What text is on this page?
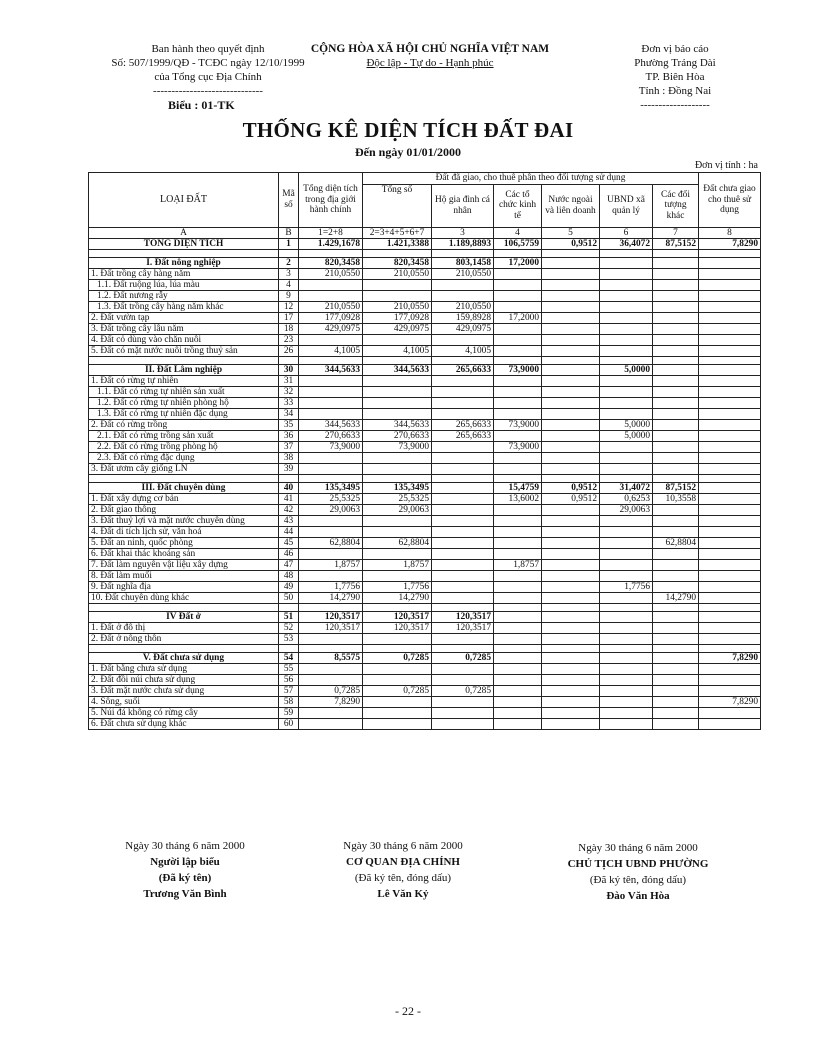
Ban hành theo quyết định
Số: 507/1999/QĐ - TCĐC ngày 12/10/1999
của Tổng cục Địa Chính
------------------------------
CỘNG HÒA XÃ HỘI CHỦ NGHĨA VIỆT NAM
Độc lập - Tự do - Hạnh phúc
Đơn vị báo cáo
Phường Trảng Dài
TP. Biên Hòa
Tỉnh : Đồng Nai
-------------------
Biểu : 01-TK
THỐNG KÊ DIỆN TÍCH ĐẤT ĐAI
Đến ngày 01/01/2000
Đơn vị tính : ha
LOẠI ĐẤT	Mã số	Tổng diện tích trong địa giới hành chính	Đất đã giao, cho thuê phân theo đối tượng sử dụng						Đất chưa giao cho thuê sử dụng
			Tổng số	Hộ gia đình cá nhân	Các tổ chức kinh tế	Nước ngoài và liên doanh	UBND xã quản lý	Các đối tượng khác	
A	B	1=2+8	2=3+4+5+6+7	3	4	5	6	7	8
TỔNG DIỆN TÍCH	1	1.429,1678	1.421,3388	1.189,8893	106,5759	0,9512	36,4072	87,5152	7,8290

I. Đất nông nghiệp	2	820,3458	820,3458	803,1458	17,2000				
1. Đất trồng cây hàng năm	3	210,0550	210,0550	210,0550					
1.1. Đất ruộng lúa, lúa màu	4								
1.2. Đất nương rẫy	9								
1.3. Đất trồng cây hàng năm khác	12	210,0550	210,0550	210,0550					
2. Đất vườn tạp	17	177,0928	177,0928	159,8928	17,2000				
3. Đất trồng cây lâu năm	18	429,0975	429,0975	429,0975					
4. Đất cỏ dùng vào chăn nuôi	23								
5. Đất có mặt nước nuôi trồng thuỷ sản	26	4,1005	4,1005	4,1005					

II. Đất Lâm nghiệp	30	344,5633	344,5633	265,6633	73,9000		5,0000		
1. Đất có rừng tự nhiên	31								
1.1. Đất có rừng tự nhiên sản xuất	32								
1.2. Đất có rừng tự nhiên phòng hộ	33								
1.3. Đất có rừng tự nhiên đặc dụng	34								
2. Đất có rừng trồng	35	344,5633	344,5633	265,6633	73,9000		5,0000		
2.1. Đất có rừng trồng sản xuất	36	270,6633	270,6633	265,6633			5,0000		
2.2. Đất có rừng trồng phòng hộ	37	73,9000	73,9000		73,9000				
2.3. Đất có rừng đặc dụng	38								
3. Đất ươm cây giống LN	39								

III. Đất chuyên dùng	40	135,3495	135,3495		15,4759	0,9512	31,4072	87,5152	
1. Đất xây dựng cơ bản	41	25,5325	25,5325		13,6002	0,9512	0,6253	10,3558	
2. Đất giao thông	42	29,0063	29,0063				29,0063		
3. Đất thuỷ lợi và mặt nước chuyên dùng	43								
4. Đất di tích lịch sử, văn hoá	44								
5. Đất an ninh, quốc phòng	45	62,8804	62,8804					62,8804	
6. Đất khai thác khoáng sản	46								
7. Đất làm nguyên vật liệu xây dựng	47	1,8757	1,8757		1,8757				
8. Đất làm muối	48								
9. Đất nghĩa địa	49	1,7756	1,7756				1,7756		
10. Đất chuyên dùng khác	50	14,2790	14,2790					14,2790	

IV Đất ở	51	120,3517	120,3517	120,3517					
1. Đất ở đô thị	52	120,3517	120,3517	120,3517					
2. Đất ở nông thôn	53								

V. Đất chưa sử dụng	54	8,5575	0,7285	0,7285					7,8290
1. Đất bằng chưa sử dụng	55								
2. Đất đồi núi chưa sử dụng	56								
3. Đất mặt nước chưa sử dụng	57	0,7285	0,7285	0,7285					
4. Sông, suối	58	7,8290							7,8290
5. Núi đá không có rừng cây	59								
6. Đất chưa sử dụng khác	60								
Ngày 30 tháng 6 năm 2000
Người lập biểu
(Đã ký tên)
Trương Văn Bình
Ngày 30 tháng 6 năm 2000
CƠ QUAN ĐỊA CHÍNH
(Đã ký tên, đóng dấu)
Lê Văn Kỷ
Ngày 30 tháng 6 năm 2000
CHỦ TỊCH UBND PHƯỜNG
(Đã ký tên, đóng dấu)
Đào Văn Hòa
- 22 -
